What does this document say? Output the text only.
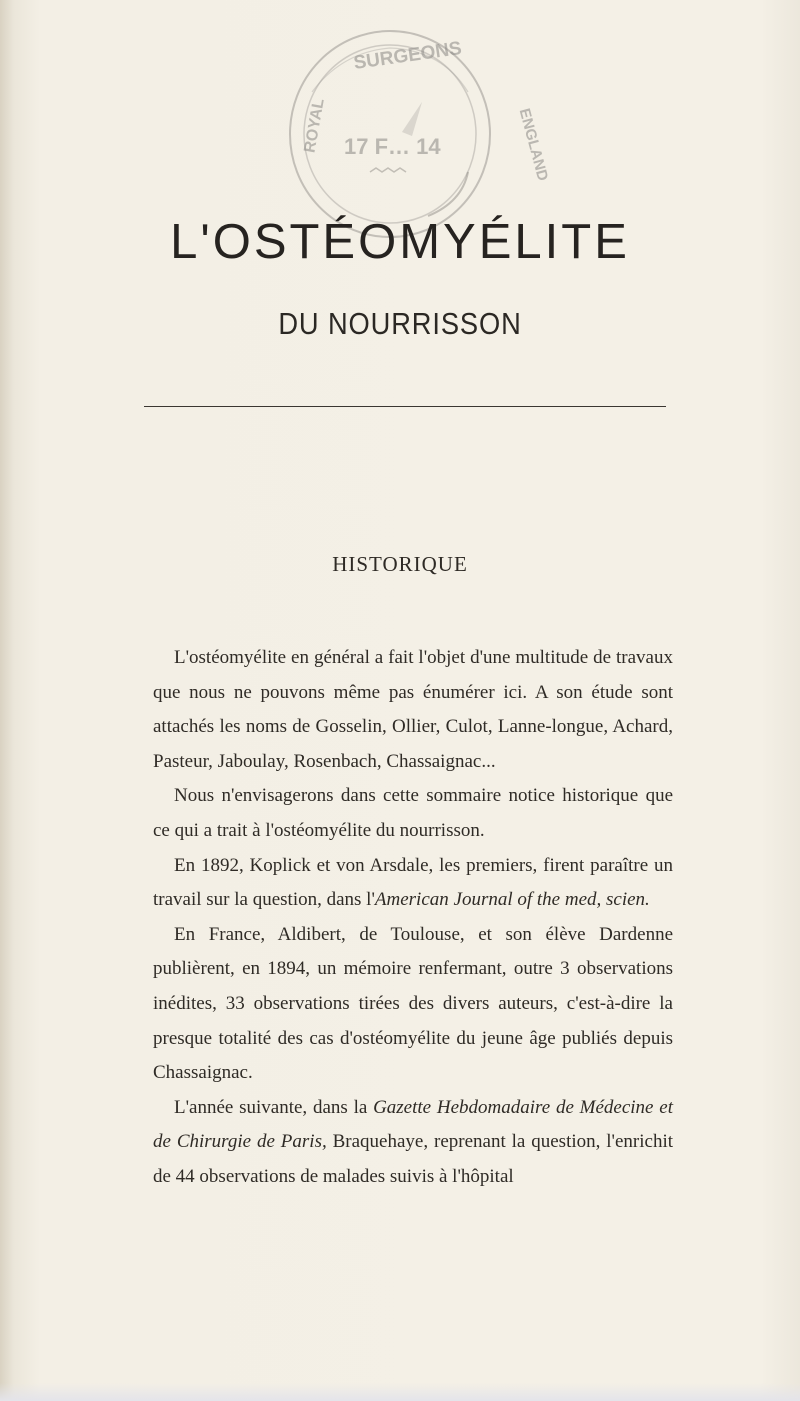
SURGEONS
ROYAL	ENGLAND
17 F… 14
L'OSTÉOMYÉLITE
DU NOURRISSON
HISTORIQUE

L'ostéomyélite en général a fait l'objet d'une multitude de travaux que nous ne pouvons même pas énumérer ici. A son étude sont attachés les noms de Gosselin, Ollier, Culot, Lanne-longue, Achard, Pasteur, Jaboulay, Rosenbach, Chassaignac...

Nous n'envisagerons dans cette sommaire notice historique que ce qui a trait à l'ostéomyélite du nourrisson.

En 1892, Koplick et von Arsdale, les premiers, firent paraître un travail sur la question, dans l'American Journal of the med, scien.

En France, Aldibert, de Toulouse, et son élève Dardenne publièrent, en 1894, un mémoire renfermant, outre 3 observations inédites, 33 observations tirées des divers auteurs, c'est-à-dire la presque totalité des cas d'ostéomyélite du jeune âge publiés depuis Chassaignac.

L'année suivante, dans la Gazette Hebdomadaire de Médecine et de Chirurgie de Paris, Braquehaye, reprenant la question, l'enrichit de 44 observations de malades suivis à l'hôpital
